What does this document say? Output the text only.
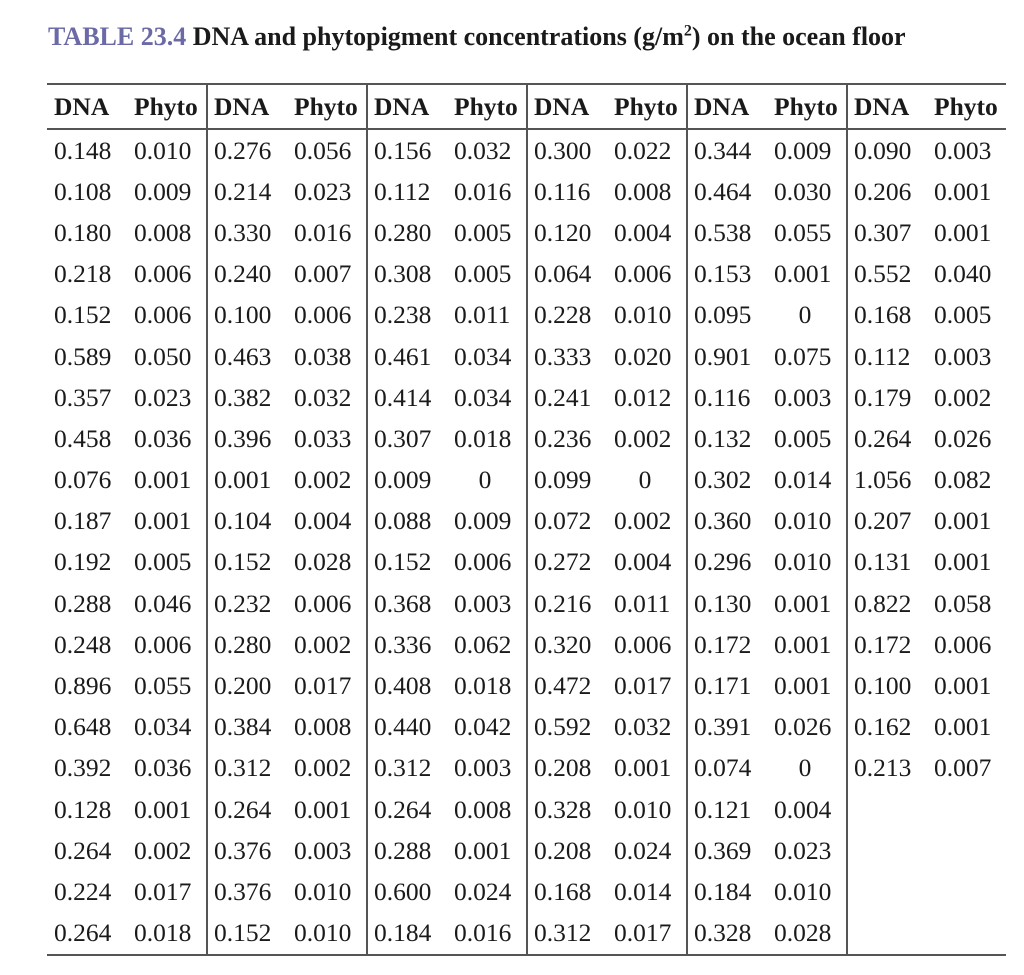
TABLE 23.4 DNA and phytopigment concentrations $(g/m^2)$ on the ocean floor
DNA	Phyto	DNA	Phyto	DNA	Phyto	DNA	Phyto	DNA	Phyto	DNA	Phyto
0.148	0.010	0.276	0.056	0.156	0.032	0.300	0.022	0.344	0.009	0.090	0.003
0.108	0.009	0.214	0.023	0.112	0.016	0.116	0.008	0.464	0.030	0.206	0.001
0.180	0.008	0.330	0.016	0.280	0.005	0.120	0.004	0.538	0.055	0.307	0.001
0.218	0.006	0.240	0.007	0.308	0.005	0.064	0.006	0.153	0.001	0.552	0.040
0.152	0.006	0.100	0.006	0.238	0.011	0.228	0.010	0.095	0	0.168	0.005
0.589	0.050	0.463	0.038	0.461	0.034	0.333	0.020	0.901	0.075	0.112	0.003
0.357	0.023	0.382	0.032	0.414	0.034	0.241	0.012	0.116	0.003	0.179	0.002
0.458	0.036	0.396	0.033	0.307	0.018	0.236	0.002	0.132	0.005	0.264	0.026
0.076	0.001	0.001	0.002	0.009	0	0.099	0	0.302	0.014	1.056	0.082
0.187	0.001	0.104	0.004	0.088	0.009	0.072	0.002	0.360	0.010	0.207	0.001
0.192	0.005	0.152	0.028	0.152	0.006	0.272	0.004	0.296	0.010	0.131	0.001
0.288	0.046	0.232	0.006	0.368	0.003	0.216	0.011	0.130	0.001	0.822	0.058
0.248	0.006	0.280	0.002	0.336	0.062	0.320	0.006	0.172	0.001	0.172	0.006
0.896	0.055	0.200	0.017	0.408	0.018	0.472	0.017	0.171	0.001	0.100	0.001
0.648	0.034	0.384	0.008	0.440	0.042	0.592	0.032	0.391	0.026	0.162	0.001
0.392	0.036	0.312	0.002	0.312	0.003	0.208	0.001	0.074	0	0.213	0.007
0.128	0.001	0.264	0.001	0.264	0.008	0.328	0.010	0.121	0.004		
0.264	0.002	0.376	0.003	0.288	0.001	0.208	0.024	0.369	0.023		
0.224	0.017	0.376	0.010	0.600	0.024	0.168	0.014	0.184	0.010		
0.264	0.018	0.152	0.010	0.184	0.016	0.312	0.017	0.328	0.028		
